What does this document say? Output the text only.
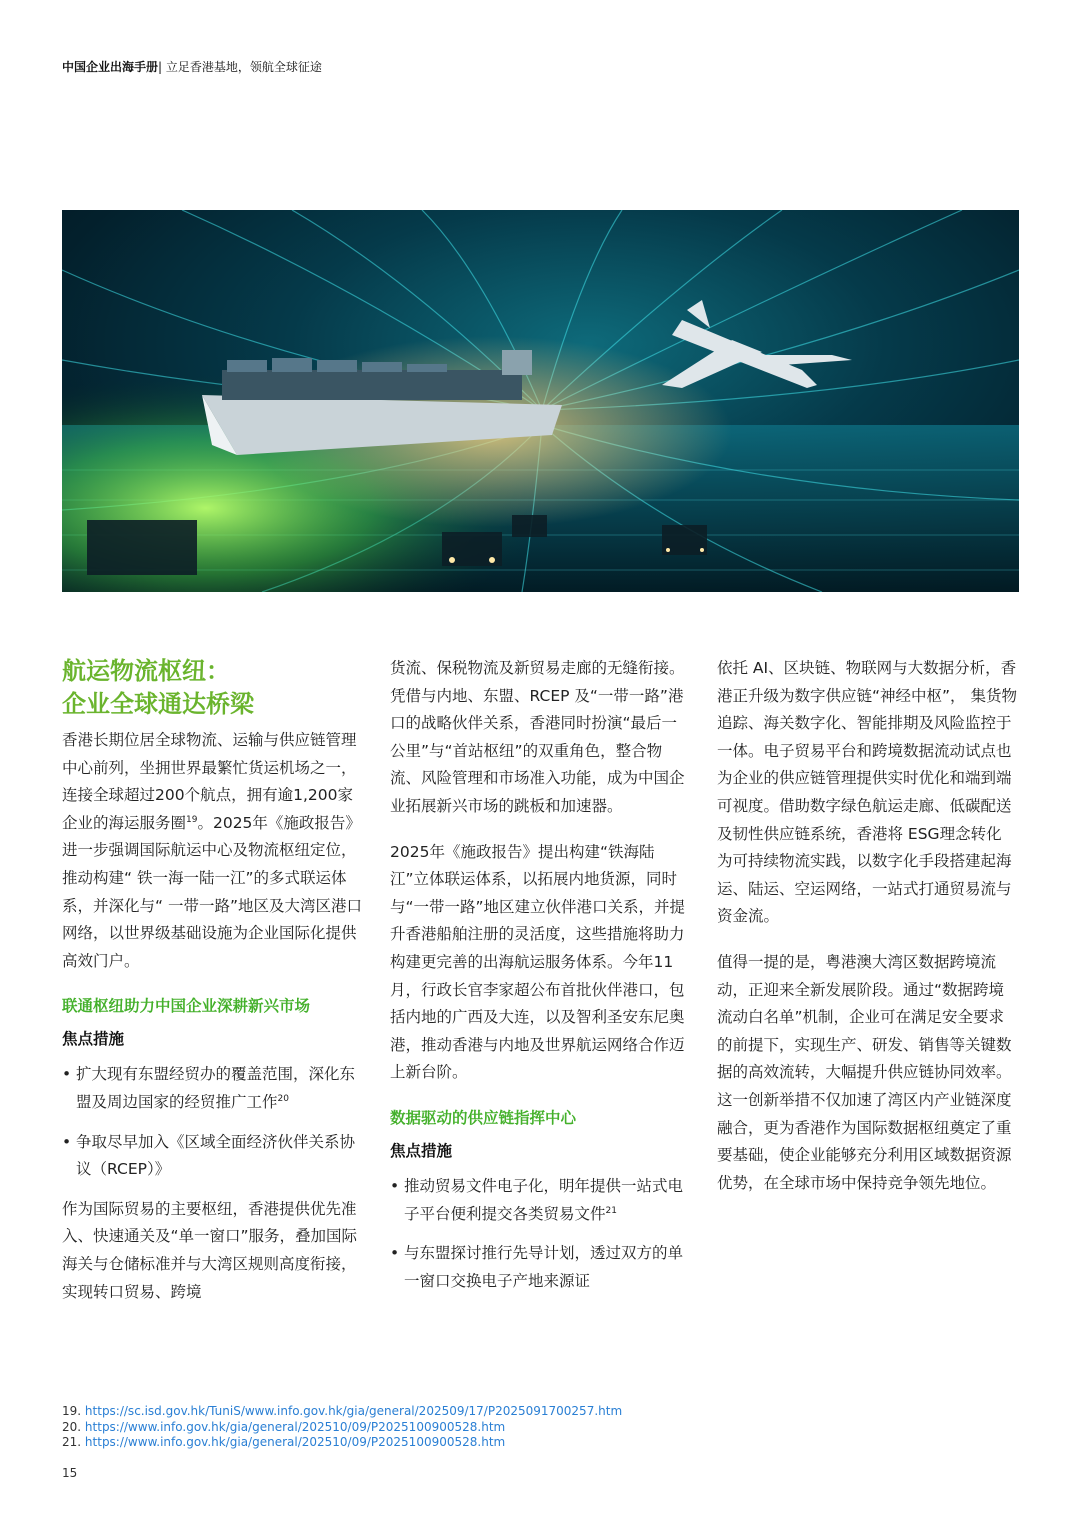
中国企业出海手册| 立足香港基地，领航全球征途

航运物流枢纽：
企业全球通达桥梁

香港长期位居全球物流、运输与供应链管理中心前列，坐拥世界最繁忙货运机场之一，连接全球超过200个航点，拥有逾1,200家企业的海运服务圈$^{19}$。2025年《施政报告》进一步强调国际航运中心及物流枢纽定位，推动构建“ 铁一海一陆一江”的多式联运体系，并深化与“ 一带一路”地区及大湾区港口网络，以世界级基础设施为企业国际化提供高效门户。

联通枢纽助力中国企业深耕新兴市场

焦点措施

• 扩大现有东盟经贸办的覆盖范围，深化东盟及周边国家的经贸推广工作$^{20}$
• 争取尽早加入《区域全面经济伙伴关系协议（RCEP）》

作为国际贸易的主要枢纽，香港提供优先准入、快速通关及“单一窗口”服务，叠加国际海关与仓储标准并与大湾区规则高度衔接，实现转口贸易、跨境

货流、保税物流及新贸易走廊的无缝衔接。凭借与内地、东盟、RCEP 及“一带一路”港口的战略伙伴关系，香港同时扮演“最后一公里”与“首站枢纽”的双重角色，整合物流、风险管理和市场准入功能，成为中国企业拓展新兴市场的跳板和加速器。

2025年《施政报告》提出构建“铁海陆江”立体联运体系，以拓展内地货源，同时与“一带一路”地区建立伙伴港口关系，并提升香港船舶注册的灵活度，这些措施将助力构建更完善的出海航运服务体系。今年11月，行政长官李家超公布首批伙伴港口，包括内地的广西及大连，以及智利圣安东尼奥港，推动香港与内地及世界航运网络合作迈上新台阶。

数据驱动的供应链指挥中心

焦点措施

• 推动贸易文件电子化，明年提供一站式电子平台便利提交各类贸易文件$^{21}$
• 与东盟探讨推行先导计划，透过双方的单一窗口交换电子产地来源证

依托 AI、区块链、物联网与大数据分析，香港正升级为数字供应链“神经中枢”， 集货物追踪、海关数字化、智能排期及风险监控于一体。电子贸易平台和跨境数据流动试点也为企业的供应链管理提供实时优化和端到端可视度。借助数字绿色航运走廊、低碳配送及韧性供应链系统，香港将 ESG理念转化为可持续物流实践，以数字化手段搭建起海运、陆运、空运网络，一站式打通贸易流与资金流。

值得一提的是，粤港澳大湾区数据跨境流动，正迎来全新发展阶段。通过“数据跨境流动白名单”机制，企业可在满足安全要求的前提下，实现生产、研发、销售等关键数据的高效流转，大幅提升供应链协同效率。这一创新举措不仅加速了湾区内产业链深度融合，更为香港作为国际数据枢纽奠定了重要基础，使企业能够充分利用区域数据资源优势，在全球市场中保持竞争领先地位。

19. https://sc.isd.gov.hk/TuniS/www.info.gov.hk/gia/general/202509/17/P2025091700257.htm
20. https://www.info.gov.hk/gia/general/202510/09/P2025100900528.htm
21. https://www.info.gov.hk/gia/general/202510/09/P2025100900528.htm
15
